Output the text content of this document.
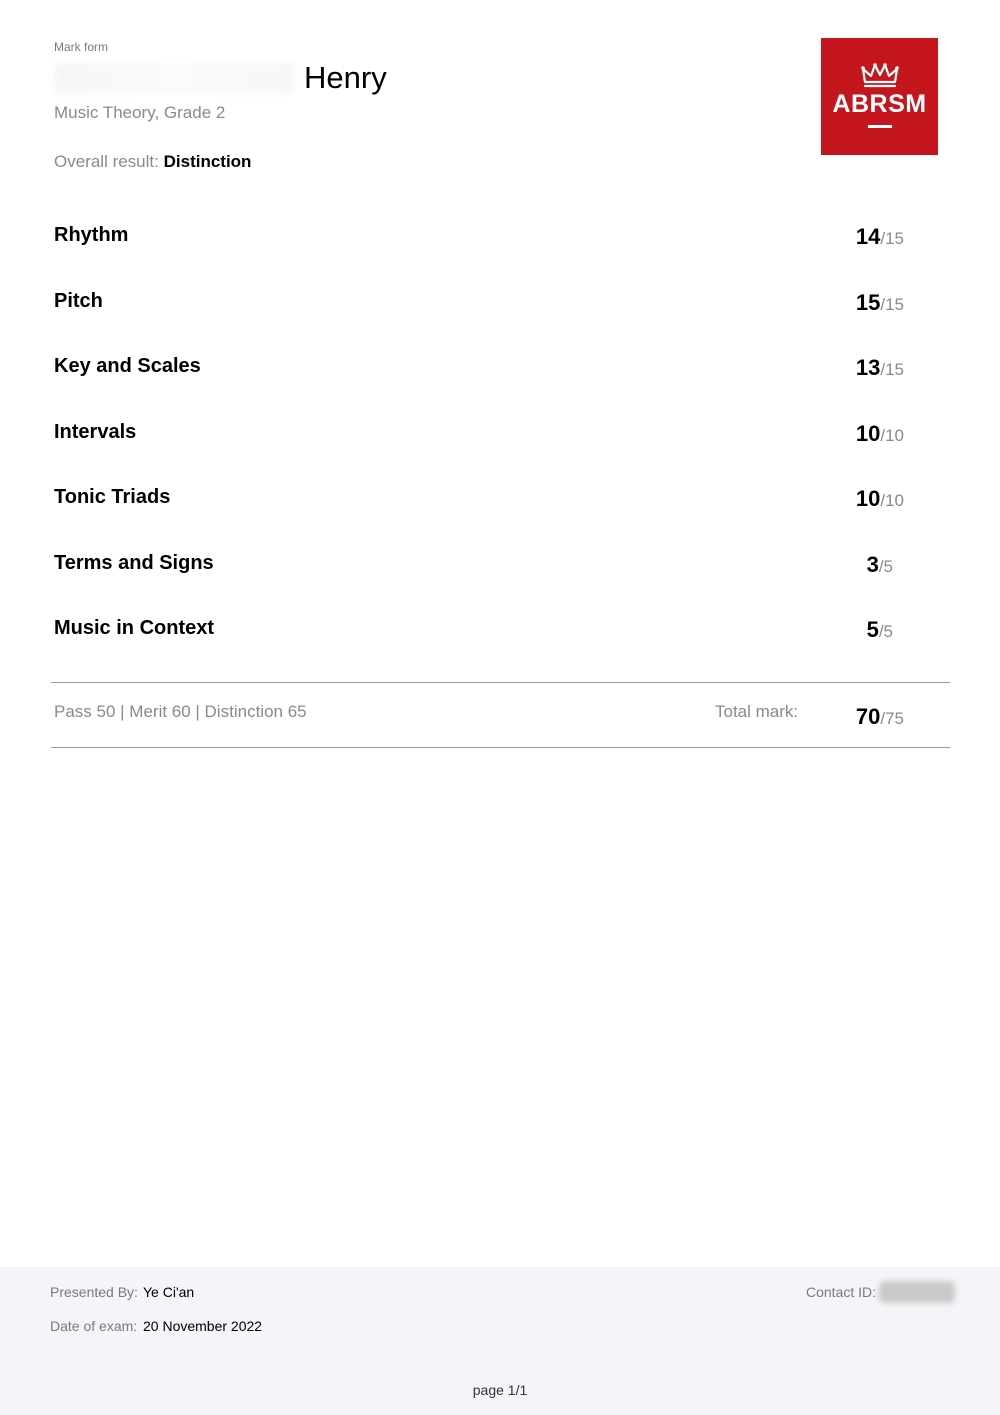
Mark form
Henry
Music Theory, Grade 2
Overall result: Distinction
ABRSM
Rhythm	14/15
Pitch	15/15
Key and Scales	13/15
Intervals	10/10
Tonic Triads	10/10
Terms and Signs	3/5
Music in Context	5/5
Pass 50 | Merit 60 | Distinction 65	Total mark:	70/75
Presented By: Ye Ci'an
Date of exam: 20 November 2022
Contact ID:
page 1/1
